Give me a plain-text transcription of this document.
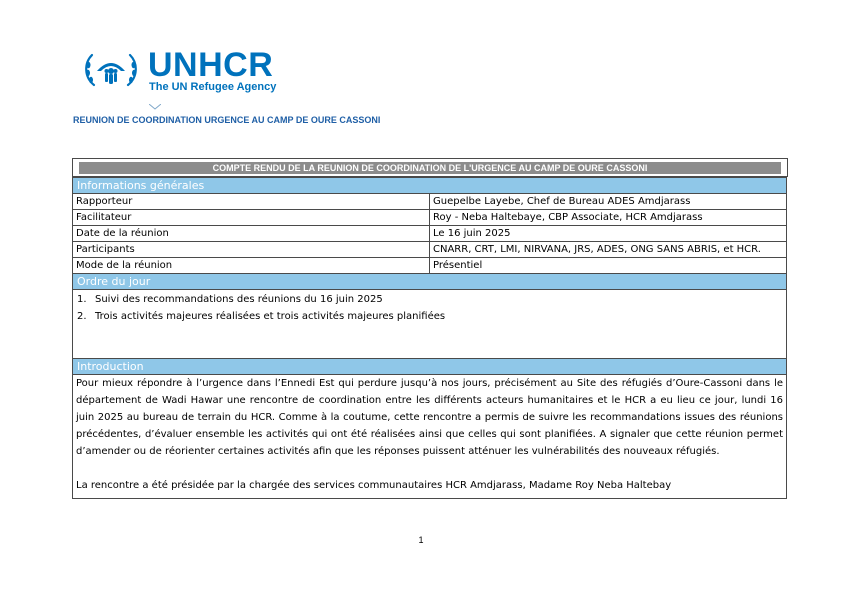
UNHCR
The UN Refugee Agency
REUNION DE COORDINATION URGENCE AU CAMP DE OURE CASSONI
COMPTE RENDU DE LA REUNION DE COORDINATION DE L'URGENCE AU CAMP DE OURE CASSONI
Informations générales	
Rapporteur	Guepelbe Layebe, Chef de Bureau ADES Amdjarass
Facilitateur	Roy - Neba Haltebaye, CBP Associate, HCR Amdjarass
Date de la réunion	Le 16 juin 2025
Participants	CNARR, CRT, LMI, NIRVANA, JRS, ADES, ONG SANS ABRIS, et HCR.
Mode de la réunion	Présentiel
Ordre du jour	

1. Suivi des recommandations des réunions du 16 juin 2025
2. Trois activités majeures réalisées et trois activités majeures planifiées	

Introduction	

Pour mieux répondre à l’urgence dans l’Ennedi Est qui perdure jusqu’à nos jours, précisément au Site des réfugiés d’Oure-Cassoni dans le département de Wadi Hawar une rencontre de coordination entre les différents acteurs humanitaires et le HCR a eu lieu ce jour, lundi 16 juin 2025 au bureau de terrain du HCR. Comme à la coutume, cette rencontre a permis de suivre les recommandations issues des réunions précédentes, d’évaluer ensemble les activités qui ont été réalisées ainsi que celles qui sont planifiées. A signaler que cette réunion permet d’amender ou de réorienter certaines activités afin que les réponses puissent atténuer les vulnérabilités des nouveaux réfugiés.

La rencontre a été présidée par la chargée des services communautaires HCR Amdjarass, Madame Roy Neba Haltebay	

1
